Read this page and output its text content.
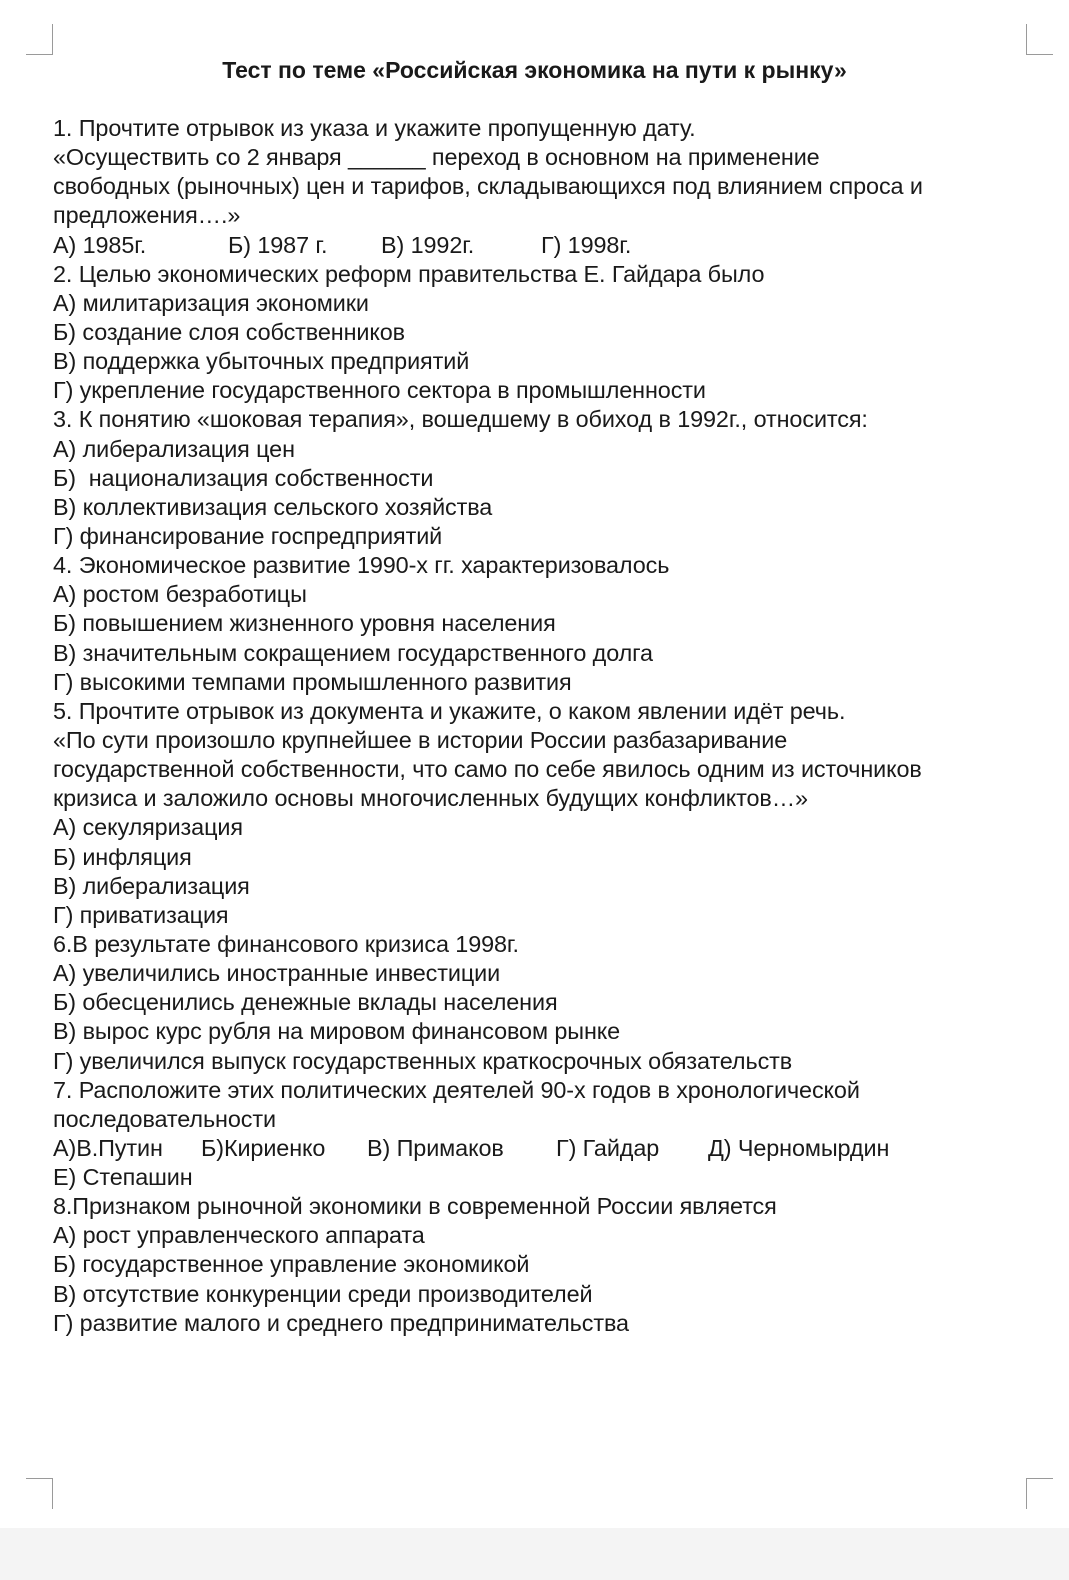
Тест по теме «Российская экономика на пути к рынку»
1. Прочтите отрывок из указа и укажите пропущенную дату.
«Осуществить со 2 января ______ переход в основном на применение
свободных (рыночных) цен и тарифов, складывающихся под влиянием спроса и
предложения….»
А) 1985г.	Б) 1987 г.	В) 1992г.	Г) 1998г.
2. Целью экономических реформ правительства Е. Гайдара было
А) милитаризация экономики
Б) создание слоя собственников
В) поддержка убыточных предприятий
Г) укрепление государственного сектора в промышленности
3. К понятию «шоковая терапия», вошедшему в обиход в 1992г., относится:
А) либерализация цен
Б)  национализация собственности
В) коллективизация сельского хозяйства
Г) финансирование госпредприятий
4. Экономическое развитие 1990-х гг. характеризовалось
А) ростом безработицы
Б) повышением жизненного уровня населения
В) значительным сокращением государственного долга
Г) высокими темпами промышленного развития
5. Прочтите отрывок из документа и укажите, о каком явлении идёт речь.
«По сути произошло крупнейшее в истории России разбазаривание
государственной собственности, что само по себе явилось одним из источников
кризиса и заложило основы многочисленных будущих конфликтов…»
А) секуляризация
Б) инфляция
В) либерализация
Г) приватизация
6.В результате финансового кризиса 1998г.
А) увеличились иностранные инвестиции
Б) обесценились денежные вклады населения
В) вырос курс рубля на мировом финансовом рынке
Г) увеличился выпуск государственных краткосрочных обязательств
7. Расположите этих политических деятелей 90-х годов в хронологической
последовательности
А)В.Путин	Б)Кириенко	В) Примаков	Г) Гайдар	Д) Черномырдин
Е) Степашин
8.Признаком рыночной экономики в современной России является
А) рост управленческого аппарата
Б) государственное управление экономикой
В) отсутствие конкуренции среди производителей
Г) развитие малого и среднего предпринимательства
